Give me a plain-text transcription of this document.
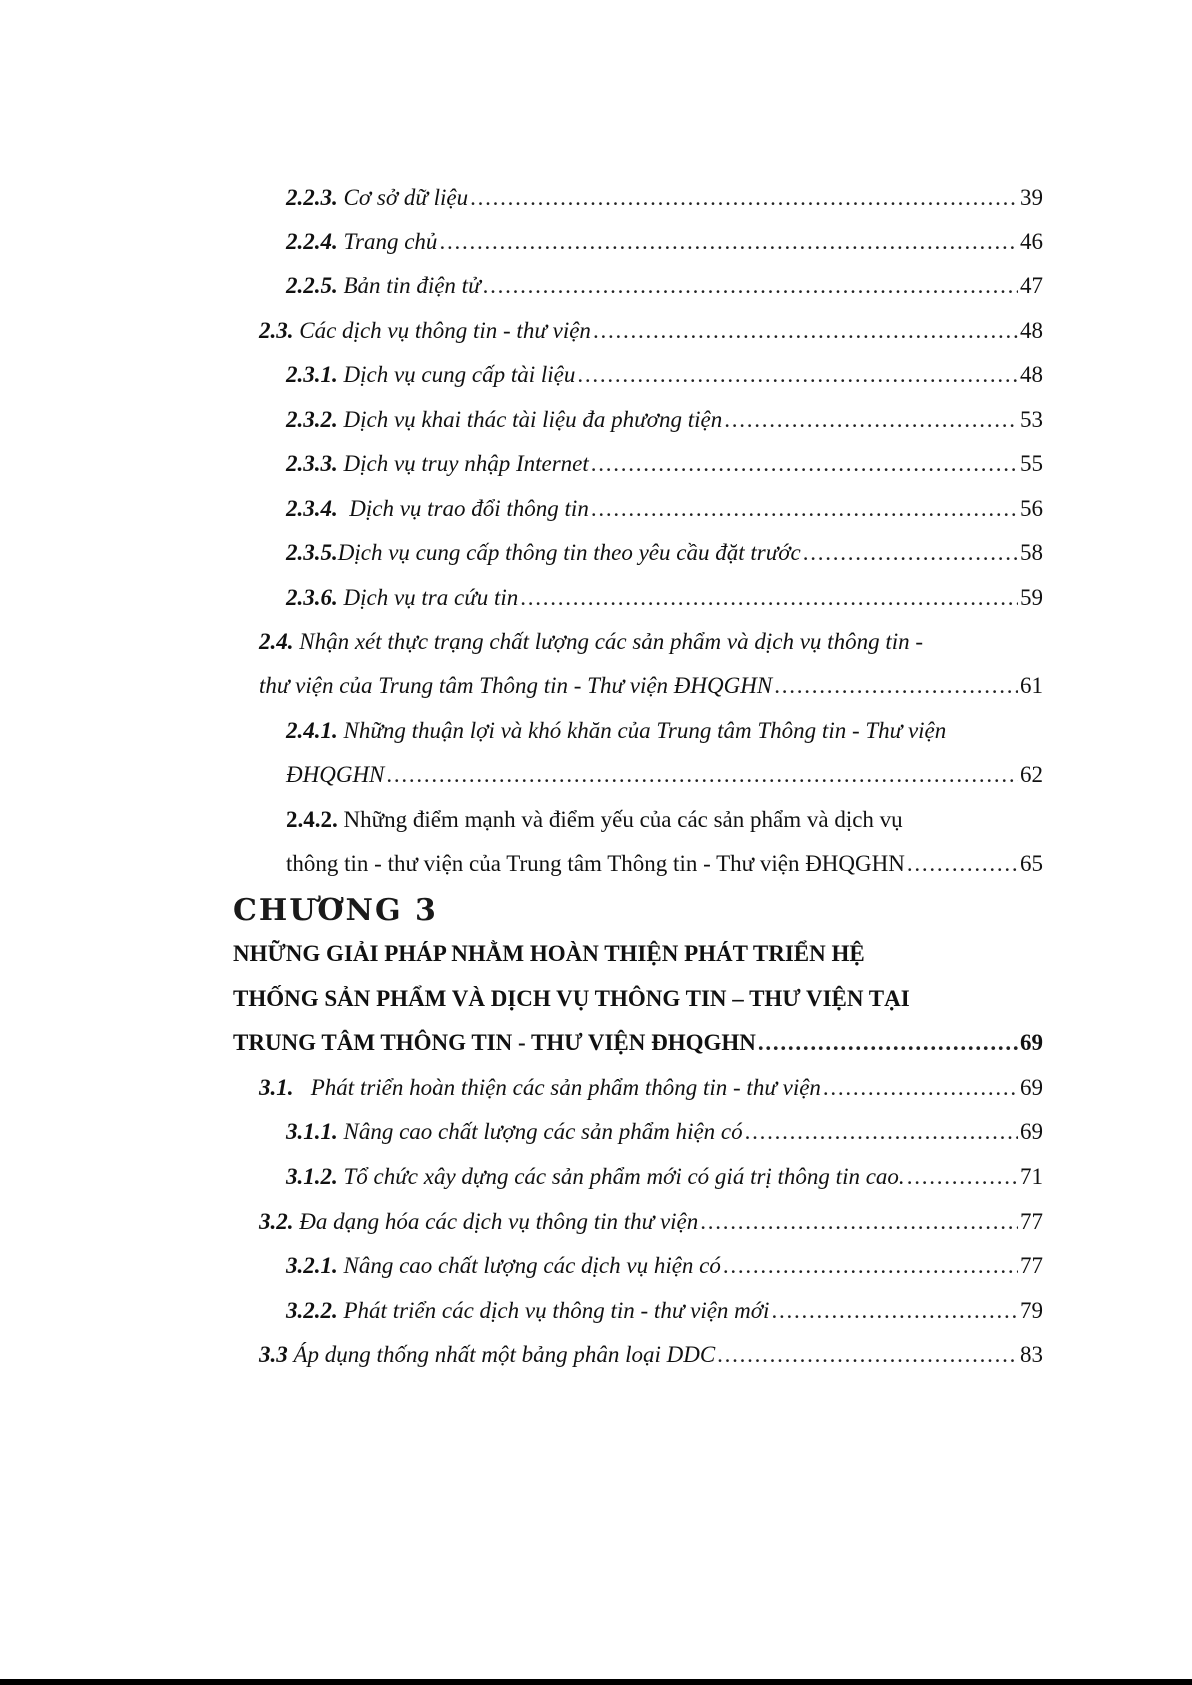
2.2.3.
Cơ sở dữ liệu . . .	39
2.2.4.
Trang chủ . . .	46
2.2.5.
Bản tin điện tử . . .	47
2.3.
Các dịch vụ thông tin - thư viện . . .	48
2.3.1.
Dịch vụ cung cấp tài liệu . . .	48
2.3.2.
Dịch vụ khai thác tài liệu đa phương tiện . . .	53
2.3.3.
Dịch vụ truy nhập Internet . . .	55
2.3.4.
Dịch vụ trao đổi thông tin . . .	56
2.3.5. Dịch vụ cung cấp thông tin theo yêu cầu đặt trước . . .	58
2.3.6.
Dịch vụ tra cứu tin . . .	59
2.4.
Nhận xét thực trạng chất lượng các sản phẩm và dịch vụ thông tin -
thư viện của Trung tâm Thông tin - Thư viện ĐHQGHN . . .	61
2.4.1.
Những thuận lợi và khó khăn của Trung tâm Thông tin - Thư viện
ĐHQGHN . . .	62
2.4.2.
Những điểm mạnh và điểm yếu của các sản phẩm và dịch vụ
thông tin - thư viện của Trung tâm Thông tin - Thư viện ĐHQGHN . . .	65
CHƯƠNG 3
NHỮNG GIẢI PHÁP NHẰM HOÀN THIỆN PHÁT TRIỂN HỆ
THỐNG SẢN PHẨM VÀ DỊCH VỤ THÔNG TIN – THƯ VIỆN TẠI
TRUNG TÂM THÔNG TIN - THƯ VIỆN ĐHQGHN . . .	69
3.1.
Phát triển hoàn thiện các sản phẩm thông tin - thư viện . . .	69
3.1.1.
Nâng cao chất lượng các sản phẩm hiện có . . .	69
3.1.2.
Tổ chức xây dựng các sản phẩm mới có giá trị thông tin cao. . . .	71
3.2.
Đa dạng hóa các dịch vụ thông tin thư viện . . .	77
3.2.1.
Nâng cao chất lượng các dịch vụ hiện có . . .	77
3.2.2.
Phát triển các dịch vụ thông tin - thư viện mới . . .	79
3.3
Áp dụng thống nhất một bảng phân loại DDC . . .	83
